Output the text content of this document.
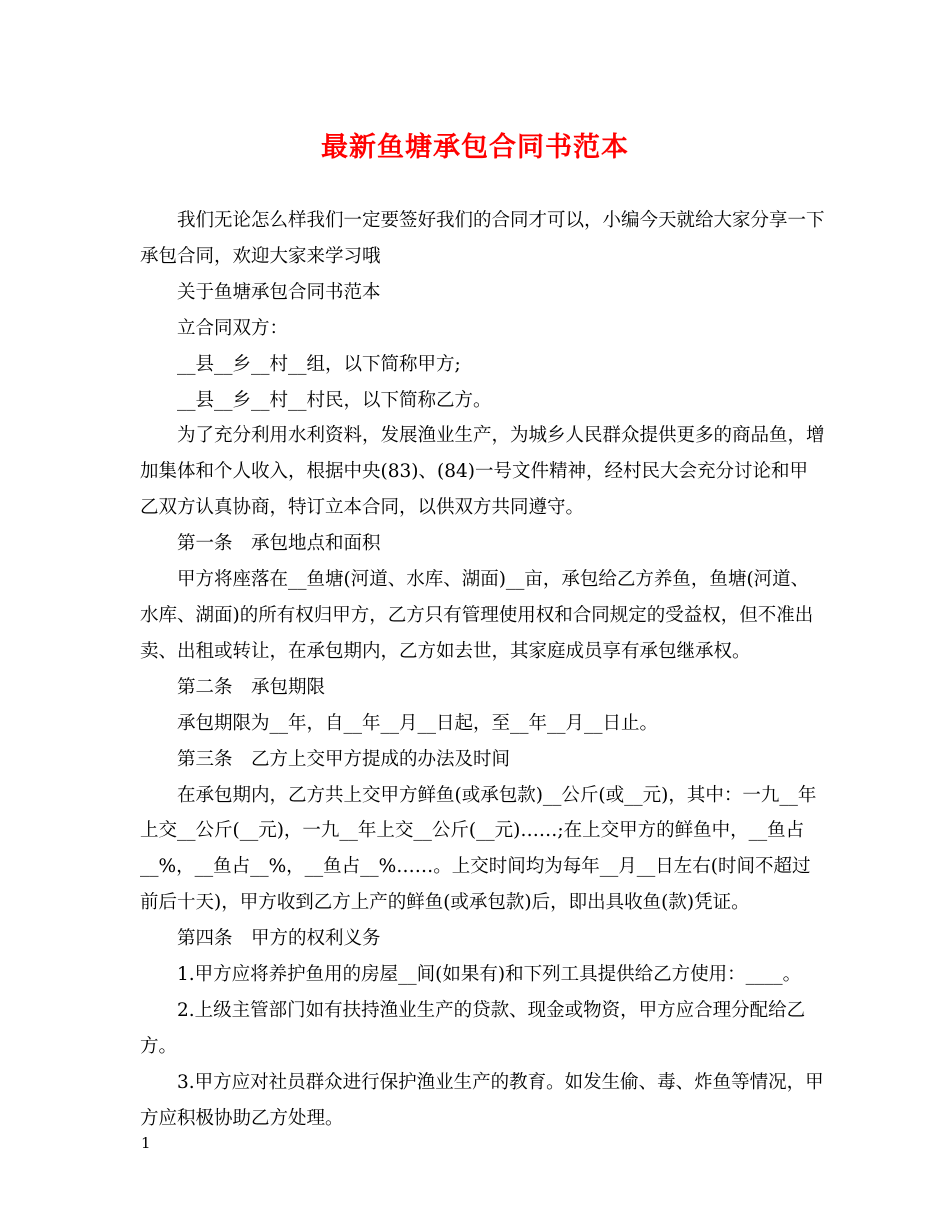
最新鱼塘承包合同书范本

我们无论怎么样我们一定要签好我们的合同才可以，小编今天就给大家分享一下承包合同，欢迎大家来学习哦

关于鱼塘承包合同书范本

立合同双方：

__县__乡__村__组，以下简称甲方;

__县__乡__村__村民，以下简称乙方。

为了充分利用水利资料，发展渔业生产，为城乡人民群众提供更多的商品鱼，增加集体和个人收入，根据中央(83)、(84)一号文件精神，经村民大会充分讨论和甲乙双方认真协商，特订立本合同，以供双方共同遵守。

第一条　承包地点和面积

甲方将座落在__鱼塘(河道、水库、湖面)__亩，承包给乙方养鱼，鱼塘(河道、水库、湖面)的所有权归甲方，乙方只有管理使用权和合同规定的受益权，但不准出卖、出租或转让，在承包期内，乙方如去世，其家庭成员享有承包继承权。

第二条　承包期限

承包期限为__年，自__年__月__日起，至__年__月__日止。

第三条　乙方上交甲方提成的办法及时间

在承包期内，乙方共上交甲方鲜鱼(或承包款)__公斤(或__元)，其中：一九__年上交__公斤(__元)，一九__年上交__公斤(__元)……;在上交甲方的鲜鱼中，__鱼占__%，__鱼占__%，__鱼占__%……。上交时间均为每年__月__日左右(时间不超过前后十天)，甲方收到乙方上产的鲜鱼(或承包款)后，即出具收鱼(款)凭证。

第四条　甲方的权利义务

1.甲方应将养护鱼用的房屋__间(如果有)和下列工具提供给乙方使用：____。

2.上级主管部门如有扶持渔业生产的贷款、现金或物资，甲方应合理分配给乙方。

3.甲方应对社员群众进行保护渔业生产的教育。如发生偷、毒、炸鱼等情况，甲方应积极协助乙方处理。

1
